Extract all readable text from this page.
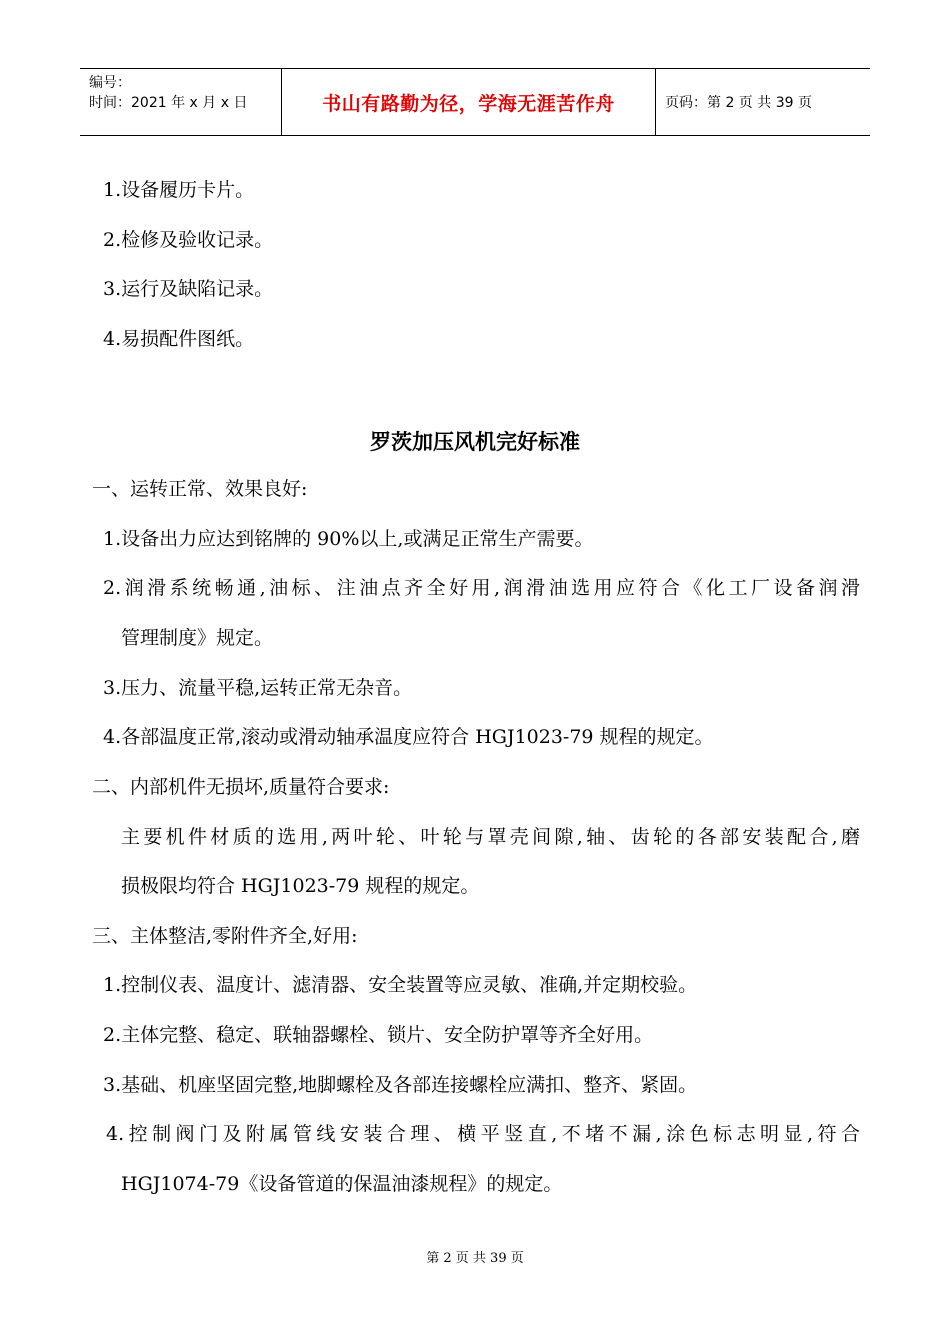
编号：
时间：2021 年 x 月 x 日	书山有路勤为径，学海无涯苦作舟	页码：第 2 页 共 39 页
1.设备履历卡片。
2.检修及验收记录。
3.运行及缺陷记录。
4.易损配件图纸。
罗茨加压风机完好标准
一、运转正常、效果良好:
1.设备出力应达到铭牌的 90%以上,或满足正常生产需要。
2.润滑系统畅通,油标、注油点齐全好用,润滑油选用应符合《化工厂设备润滑
管理制度》规定。
3.压力、流量平稳,运转正常无杂音。
4.各部温度正常,滚动或滑动轴承温度应符合 HGJ1023-79 规程的规定。
二、内部机件无损坏,质量符合要求:
主要机件材质的选用,两叶轮、叶轮与罩壳间隙,轴、齿轮的各部安装配合,磨
损极限均符合 HGJ1023-79 规程的规定。
三、主体整洁,零附件齐全,好用:
1.控制仪表、温度计、滤清器、安全装置等应灵敏、准确,并定期校验。
2.主体完整、稳定、联轴器螺栓、锁片、安全防护罩等齐全好用。
3.基础、机座坚固完整,地脚螺栓及各部连接螺栓应满扣、整齐、紧固。
4.控制阀门及附属管线安装合理、横平竖直,不堵不漏,涂色标志明显,符合
HGJ1074-79《设备管道的保温油漆规程》的规定。
第 2 页 共 39 页
